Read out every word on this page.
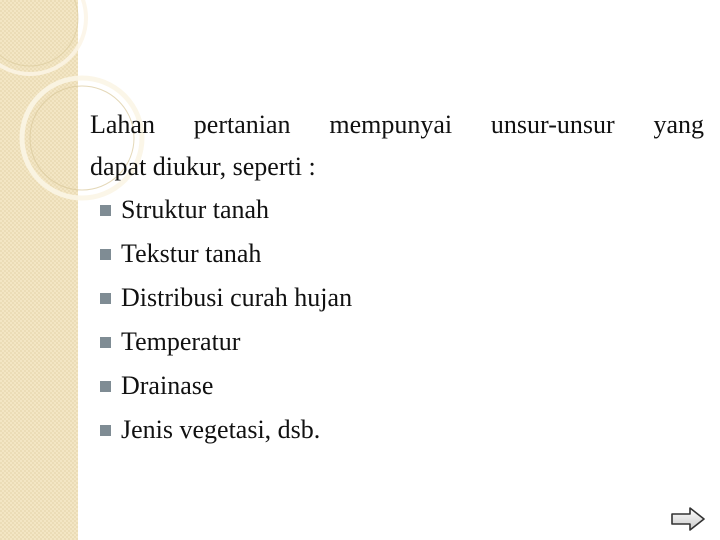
Lahan pertanian mempunyai unsur-unsur yang
dapat diukur, seperti :

Struktur tanah
Tekstur tanah
Distribusi curah hujan
Temperatur
Drainase
Jenis vegetasi, dsb.
